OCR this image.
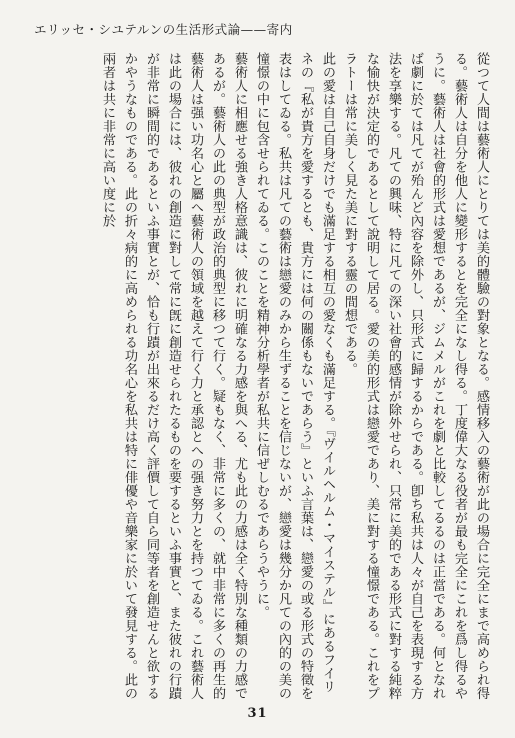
エリッセ・シユテルンの生活形式論——寄内

從つて人間は藝術人にとりては美的體驗の對象となる。感情移入の藝術が此の場合に完全にまで高められ得る。藝術人は自分を他人に變形するとを完全になし得る。丁度偉大なる役者が最も完全にこれを爲し得るやうに。藝術人は社會的形式は愛想であるが、ジムメルがこれを劇と比較してるるのは正當である。何となれば劇に於ては凡てが殆んど內容を除外し、只形式に歸するからである。卽ち私共は人々が自己を表現する方法を享樂する。凡ての興味、特に凡ての深い社會的感情が除外せられ、只常に美的である形式に對する純粹な愉快が決定的であるとして說明して居る。愛の美的形式は戀愛であり、美に對する憧憬である。これをプラトーは常に美しく見た美に對する靈の間想である。

此の愛は自己自身だけでも滿足する相互の愛なくも滿足する。『ヴイルヘルム・マイステル』にあるフイリネの『私が貴方を愛するとも、貴方には何の關係もないであらう』といふ言葉は、戀愛の或る形式の特徵を表はしてゐる。私共は凡ての藝術は戀愛のみから生ずることを信じないが、戀愛は幾分か凡ての內的の美の憧憬の中に包含せられてゐる。このことを精神分析學者が私共に信ぜしむるであらうやうに。

藝術人に相應せる強き人格意識は、彼れに明確なる力感を與へる、尤も此の力感は全く特別な種類の力感であるが。藝術人の此の典型が政治的典型に移つて行く。疑もなく、非常に多くの、就中非常に多くの再生的藝術人は强い功名心と屬へ藝術人の領域を越えて行く力と承認とへの强き努力とを持つてゐる。これ藝術人は此の場合には、彼れの創造に對して常に旣に創造せられたるものを要するといふ事實と、また彼れの行蹟が非常に瞬間的であるといふ事實とが、恰も行蹟が出來るだけ高く評價して自ら同等者を創造せんと欲するかやうなものである。此の折々病的に高められる功名心を私共は特に俳優や音樂家に於いて發見する。此の兩者は共に非常に高い度に於

31
